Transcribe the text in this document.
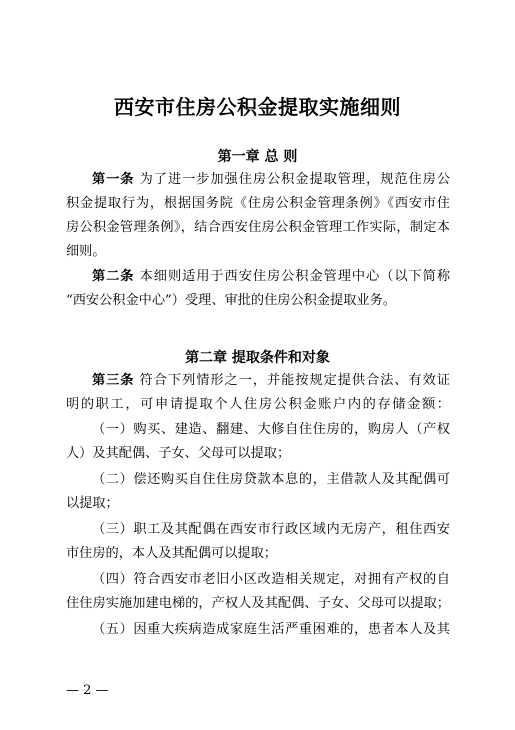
西安市住房公积金提取实施细则
第一章 总 则
第一条 为了进一步加强住房公积金提取管理，规范住房公
积金提取行为，根据国务院《住房公积金管理条例》《西安市住
房公积金管理条例》，结合西安住房公积金管理工作实际，制定本
细则。
第二条 本细则适用于西安住房公积金管理中心（以下简称
“西安公积金中心”）受理、审批的住房公积金提取业务。
第二章 提取条件和对象
第三条 符合下列情形之一，并能按规定提供合法、有效证
明的职工，可申请提取个人住房公积金账户内的存储金额：
（一）购买、建造、翻建、大修自住住房的，购房人（产权
人）及其配偶、子女、父母可以提取；
（二）偿还购买自住住房贷款本息的，主借款人及其配偶可
以提取；
（三）职工及其配偶在西安市行政区域内无房产，租住西安
市住房的，本人及其配偶可以提取；
（四）符合西安市老旧小区改造相关规定，对拥有产权的自
住住房实施加建电梯的，产权人及其配偶、子女、父母可以提取；
（五）因重大疾病造成家庭生活严重困难的，患者本人及其
— 2 —
